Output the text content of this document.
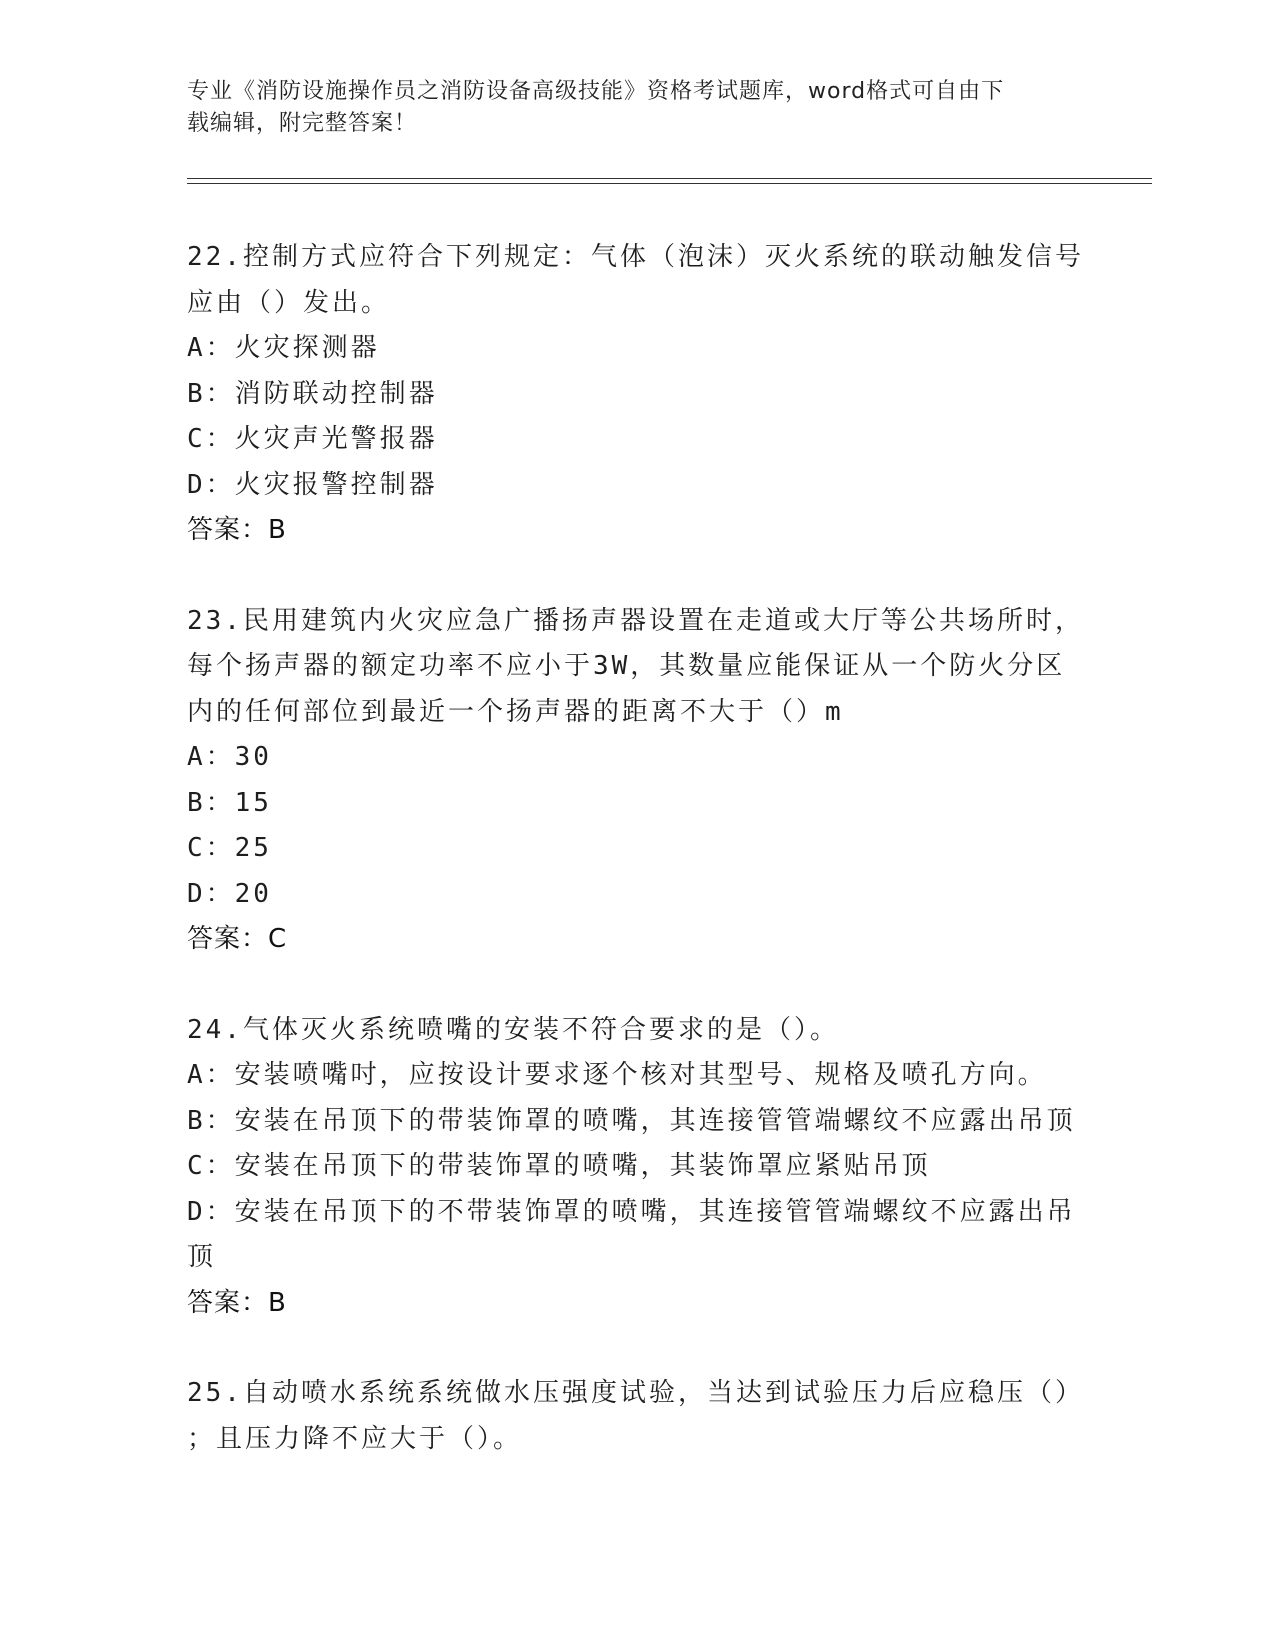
专业《消防设施操作员之消防设备高级技能》资格考试题库，word格式可自由下
载编辑，附完整答案！
22.控制方式应符合下列规定：气体（泡沫）灭火系统的联动触发信号
应由（）发出。
A：火灾探测器
B：消防联动控制器
C：火灾声光警报器
D：火灾报警控制器
答案：B
23.民用建筑内火灾应急广播扬声器设置在走道或大厅等公共场所时，
每个扬声器的额定功率不应小于3W，其数量应能保证从一个防火分区
内的任何部位到最近一个扬声器的距离不大于（）m
A：30
B：15
C：25
D：20
答案：C
24.气体灭火系统喷嘴的安装不符合要求的是（）。
A：安装喷嘴吋，应按设计要求逐个核对其型号、规格及喷孔方向。
B：安装在吊顶下的带装饰罩的喷嘴，其连接管管端螺纹不应露出吊顶
C：安装在吊顶下的带装饰罩的喷嘴，其装饰罩应紧贴吊顶
D：安装在吊顶下的不带装饰罩的喷嘴，其连接管管端螺纹不应露出吊
顶
答案：B
25.自动喷水系统系统做水压强度试验，当达到试验压力后应稳压（）
；且压力降不应大于（）。
